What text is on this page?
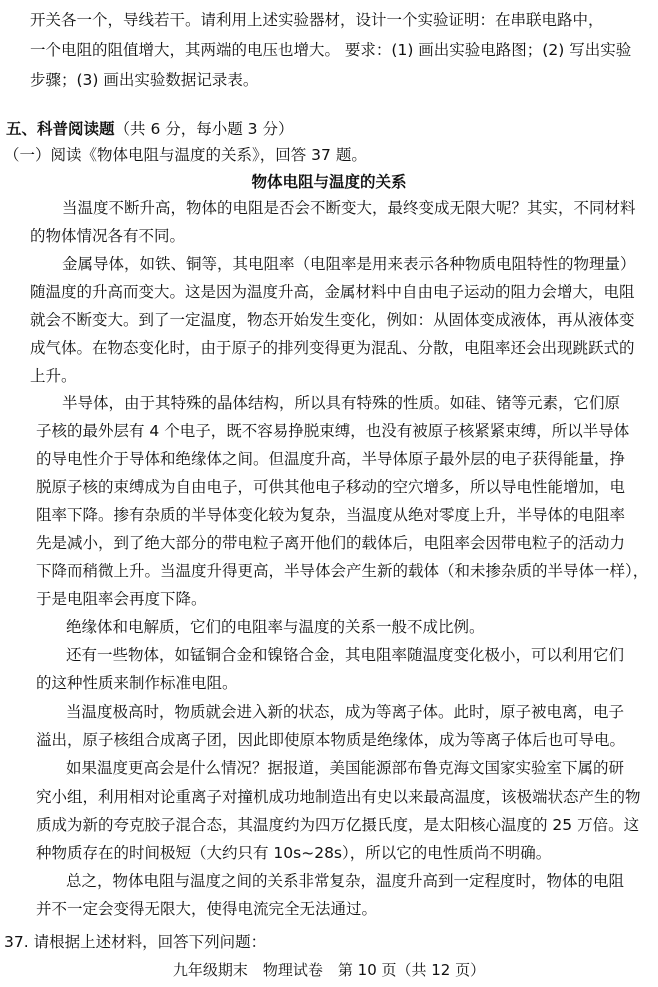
开关各一个，导线若干。请利用上述实验器材，设计一个实验证明：在串联电路中，
一个电阻的阻值增大，其两端的电压也增大。 要求：(1) 画出实验电路图；(2) 写出实验
步骤；(3) 画出实验数据记录表。
五、科普阅读题（共 6 分，每小题 3 分）
（一）阅读《物体电阻与温度的关系》，回答 37 题。
物体电阻与温度的关系
当温度不断升高，物体的电阻是否会不断变大，最终变成无限大呢？其实，不同材料
的物体情况各有不同。
金属导体，如铁、铜等，其电阻率（电阻率是用来表示各种物质电阻特性的物理量）
随温度的升高而变大。这是因为温度升高，金属材料中自由电子运动的阻力会增大，电阻
就会不断变大。到了一定温度，物态开始发生变化，例如：从固体变成液体，再从液体变
成气体。在物态变化时，由于原子的排列变得更为混乱、分散，电阻率还会出现跳跃式的
上升。
半导体，由于其特殊的晶体结构，所以具有特殊的性质。如硅、锗等元素，它们原
子核的最外层有 4 个电子，既不容易挣脱束缚，也没有被原子核紧紧束缚，所以半导体
的导电性介于导体和绝缘体之间。但温度升高，半导体原子最外层的电子获得能量，挣
脱原子核的束缚成为自由电子，可供其他电子移动的空穴增多，所以导电性能增加，电
阻率下降。掺有杂质的半导体变化较为复杂，当温度从绝对零度上升，半导体的电阻率
先是减小，到了绝大部分的带电粒子离开他们的载体后，电阻率会因带电粒子的活动力
下降而稍微上升。当温度升得更高，半导体会产生新的载体（和未掺杂质的半导体一样），
于是电阻率会再度下降。
绝缘体和电解质，它们的电阻率与温度的关系一般不成比例。
还有一些物体，如锰铜合金和镍铬合金，其电阻率随温度变化极小，可以利用它们
的这种性质来制作标准电阻。
当温度极高时，物质就会进入新的状态，成为等离子体。此时，原子被电离，电子
溢出，原子核组合成离子团，因此即使原本物质是绝缘体，成为等离子体后也可导电。
如果温度更高会是什么情况？据报道，美国能源部布鲁克海文国家实验室下属的研
究小组，利用相对论重离子对撞机成功地制造出有史以来最高温度，该极端状态产生的物
质成为新的夸克胶子混合态，其温度约为四万亿摄氏度，是太阳核心温度的 25 万倍。这
种物质存在的时间极短（大约只有 10s~28s），所以它的电性质尚不明确。
总之，物体电阻与温度之间的关系非常复杂，温度升高到一定程度时，物体的电阻
并不一定会变得无限大，使得电流完全无法通过。
37. 请根据上述材料，回答下列问题：
九年级期末　物理试卷　第 10 页（共 12 页）
